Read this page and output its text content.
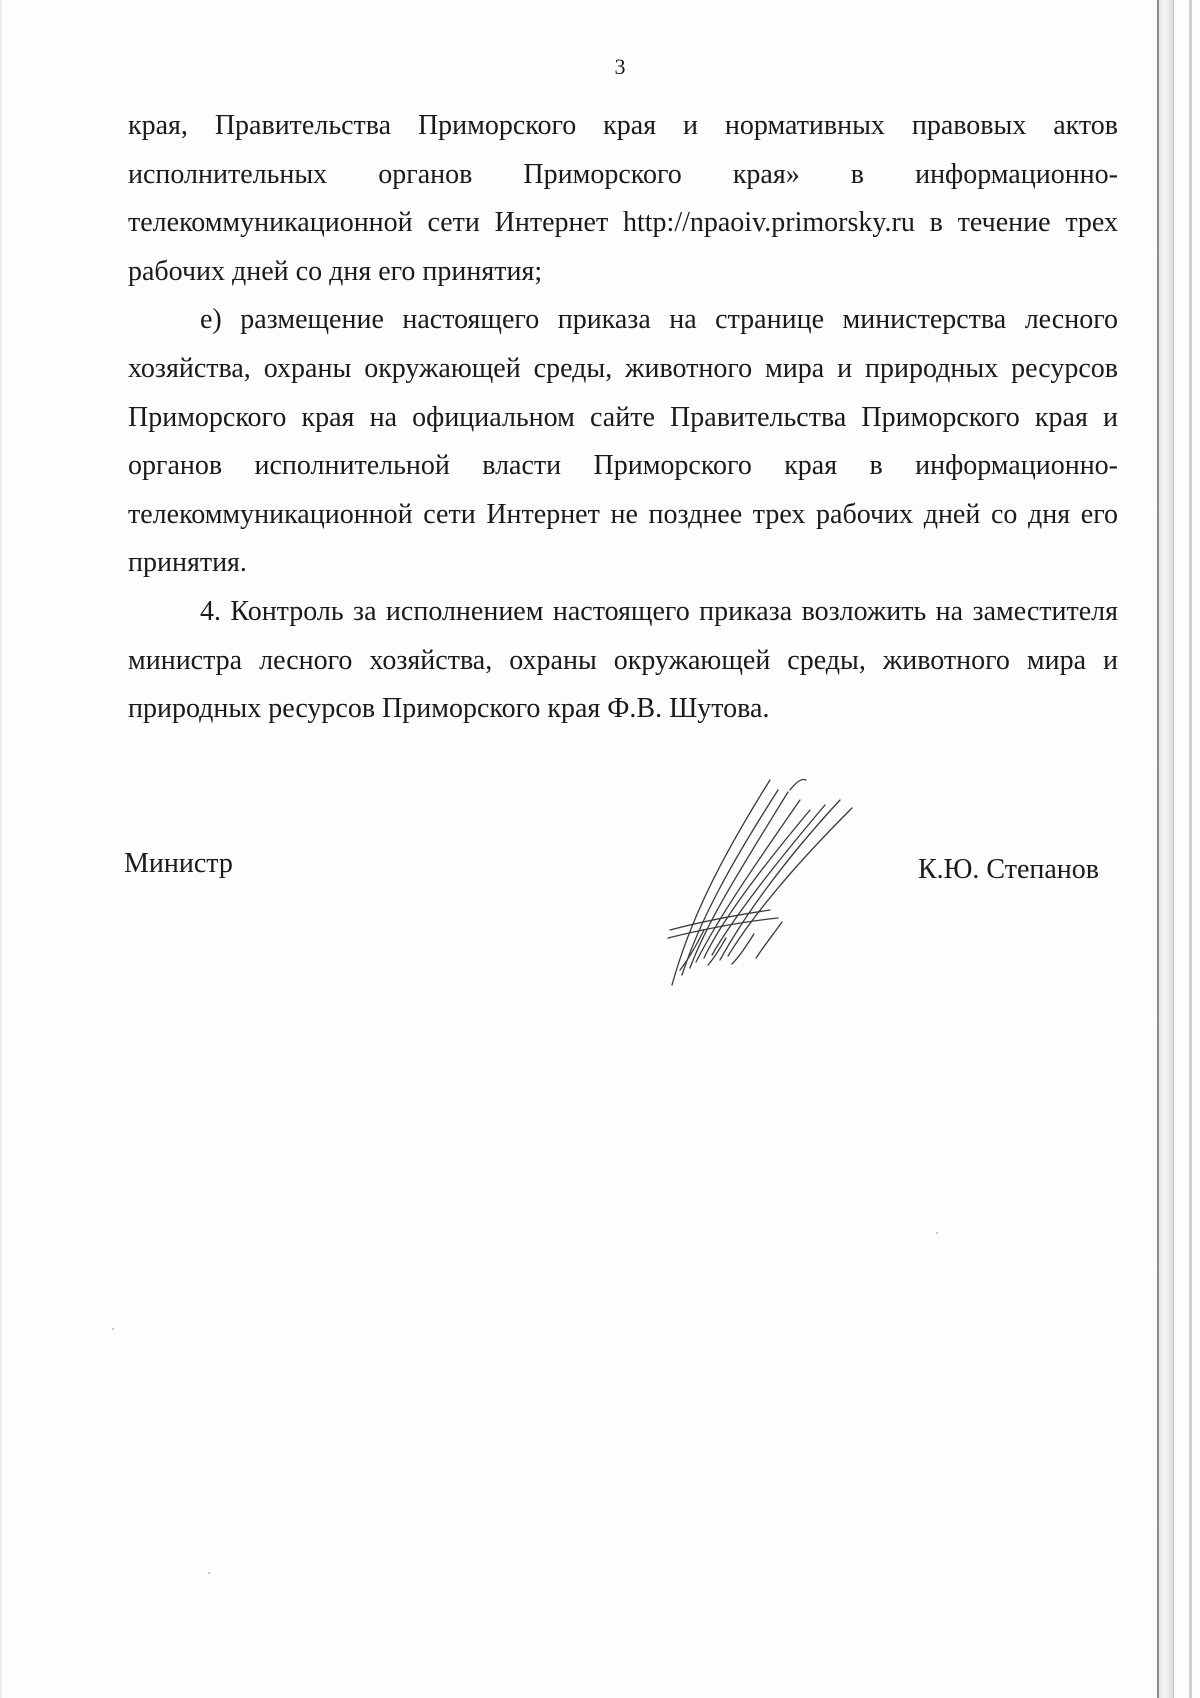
3

края, Правительства Приморского края и нормативных правовых актов исполнительных органов Приморского края» в информационно-телекоммуникационной сети Интернет http://npaoiv.primorsky.ru в течение трех рабочих дней со дня его принятия;

е) размещение настоящего приказа на странице министерства лесного хозяйства, охраны окружающей среды, животного мира и природных ресурсов Приморского края на официальном сайте Правительства Приморского края и органов исполнительной власти Приморского края в информационно-телекоммуникационной сети Интернет не позднее трех рабочих дней со дня его принятия.

4. Контроль за исполнением настоящего приказа возложить на заместителя министра лесного хозяйства, охраны окружающей среды, животного мира и природных ресурсов Приморского края Ф.В. Шутова.

Министр	К.Ю. Степанов
